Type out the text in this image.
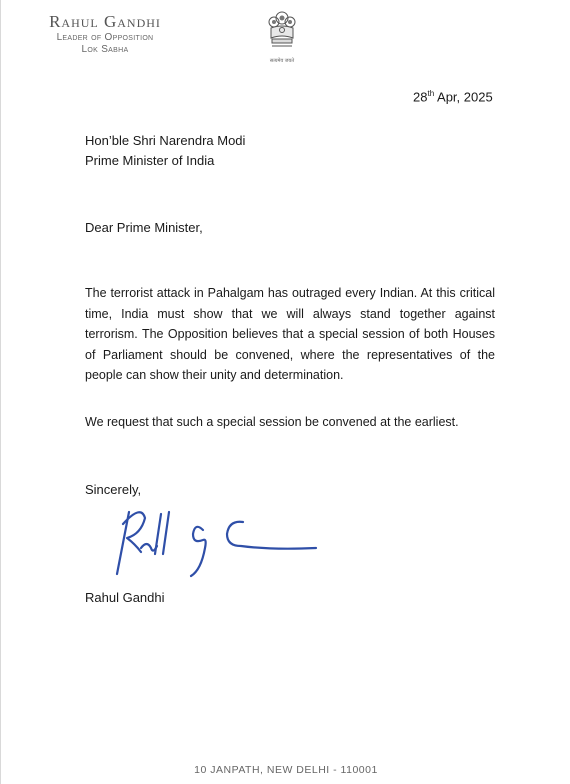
Rahul Gandhi
Leader of Opposition
Lok Sabha
सत्यमेव जयते
28th Apr, 2025
Hon’ble Shri Narendra Modi
Prime Minister of India
Dear Prime Minister,
The terrorist attack in Pahalgam has outraged every Indian. At this critical time, India must show that we will always stand together against terrorism. The Opposition believes that a special session of both Houses of Parliament should be convened, where the representatives of the people can show their unity and determination.
We request that such a special session be convened at the earliest.
Sincerely,
Rahul Gandhi
10 JANPATH, NEW DELHI - 110001
